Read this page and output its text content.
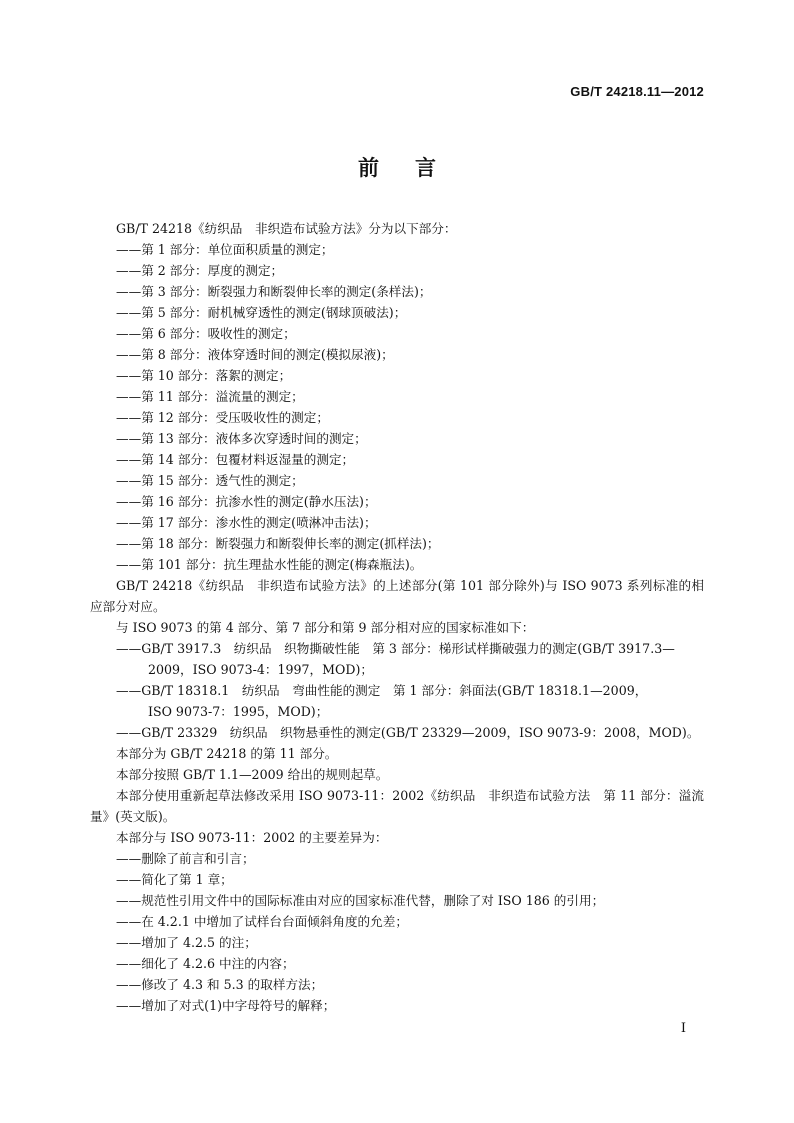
GB/T 24218.11—2012
前言
GB/T 24218《纺织品　非织造布试验方法》分为以下部分：
——第 1 部分：单位面积质量的测定；
——第 2 部分：厚度的测定；
——第 3 部分：断裂强力和断裂伸长率的测定(条样法)；
——第 5 部分：耐机械穿透性的测定(钢球顶破法)；
——第 6 部分：吸收性的测定；
——第 8 部分：液体穿透时间的测定(模拟尿液)；
——第 10 部分：落絮的测定；
——第 11 部分：溢流量的测定；
——第 12 部分：受压吸收性的测定；
——第 13 部分：液体多次穿透时间的测定；
——第 14 部分：包覆材料返湿量的测定；
——第 15 部分：透气性的测定；
——第 16 部分：抗渗水性的测定(静水压法)；
——第 17 部分：渗水性的测定(喷淋冲击法)；
——第 18 部分：断裂强力和断裂伸长率的测定(抓样法)；
——第 101 部分：抗生理盐水性能的测定(梅森瓶法)。
GB/T 24218《纺织品　非织造布试验方法》的上述部分(第 101 部分除外)与 ISO 9073 系列标准的相应部分对应。
与 ISO 9073 的第 4 部分、第 7 部分和第 9 部分相对应的国家标准如下：
——GB/T 3917.3　纺织品　织物撕破性能　第 3 部分：梯形试样撕破强力的测定(GB/T 3917.3—
2009，ISO 9073-4：1997，MOD)；
——GB/T 18318.1　纺织品　弯曲性能的测定　第 1 部分：斜面法(GB/T 18318.1—2009，
ISO 9073-7：1995，MOD)；
——GB/T 23329　纺织品　织物悬垂性的测定(GB/T 23329—2009，ISO 9073-9：2008，MOD)。
本部分为 GB/T 24218 的第 11 部分。
本部分按照 GB/T 1.1—2009 给出的规则起草。
本部分使用重新起草法修改采用 ISO 9073-11：2002《纺织品　非织造布试验方法　第 11 部分：溢流量》(英文版)。
本部分与 ISO 9073-11：2002 的主要差异为：
——删除了前言和引言；
——简化了第 1 章；
——规范性引用文件中的国际标准由对应的国家标准代替，删除了对 ISO 186 的引用；
——在 4.2.1 中增加了试样台台面倾斜角度的允差；
——增加了 4.2.5 的注；
——细化了 4.2.6 中注的内容；
——修改了 4.3 和 5.3 的取样方法；
——增加了对式(1)中字母符号的解释；
I
